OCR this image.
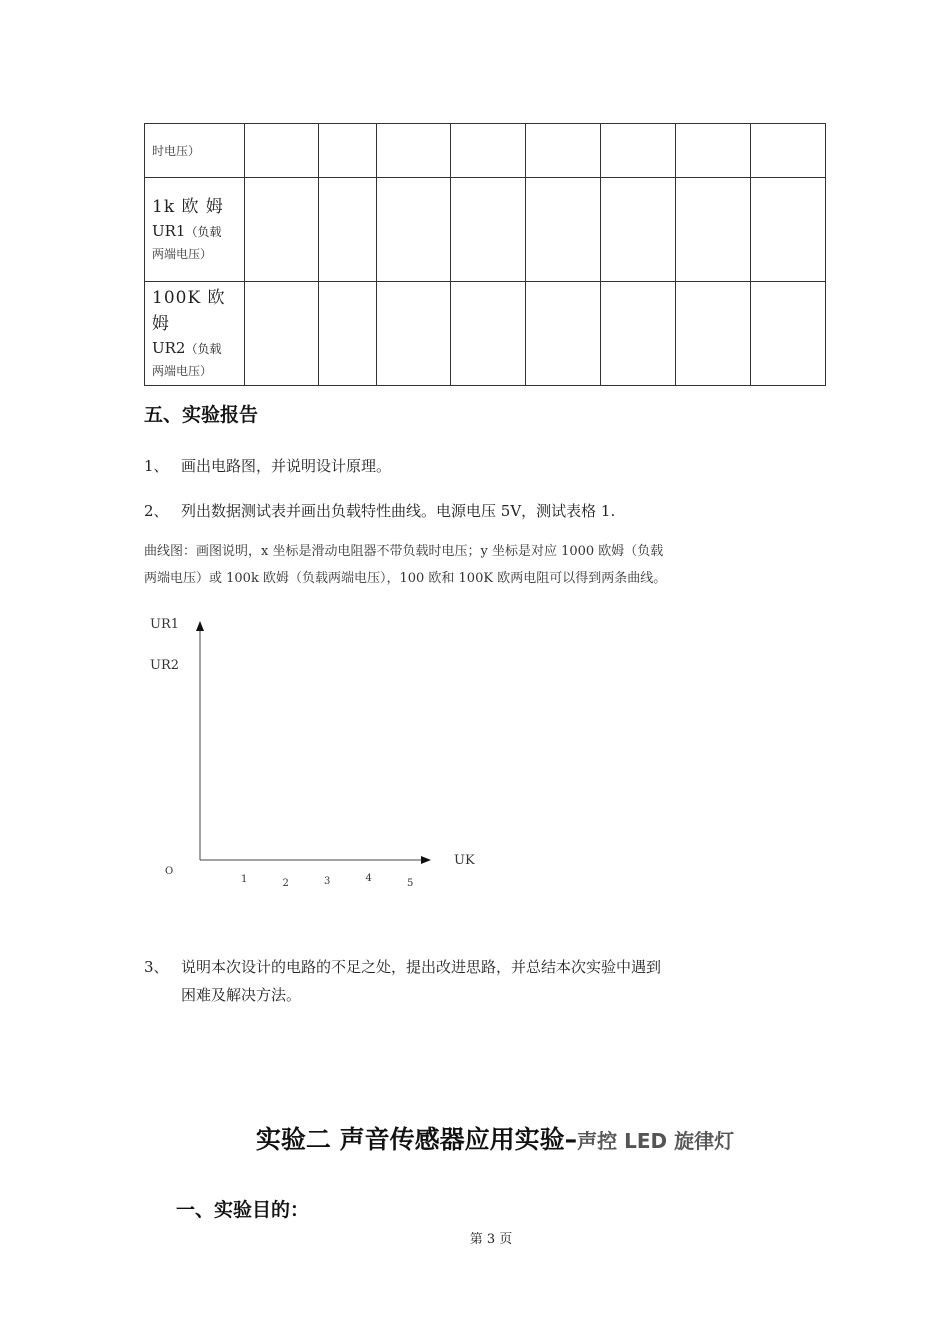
时电压）								

1k 欧 姆
UR1（负载
两端电压）								

100K 欧姆
UR2（负载
两端电压）								

五、实验报告

1、 画出电路图，并说明设计原理。

2、 列出数据测试表并画出负载特性曲线。电源电压 5V，测试表格 1.

曲线图：画图说明，x 坐标是滑动电阻器不带负载时电压；y 坐标是对应 1000 欧姆（负载
两端电压）或 100k 欧姆（负载两端电压），100 欧和 100K 欧两电阻可以得到两条曲线。

UR1
UR2
UK
O
1	2	3	4	5

3、 说明本次设计的电路的不足之处，提出改进思路，并总结本次实验中遇到
困难及解决方法。

实验二 声音传感器应用实验–声控 LED 旋律灯
一、实验目的：

第 3 页
